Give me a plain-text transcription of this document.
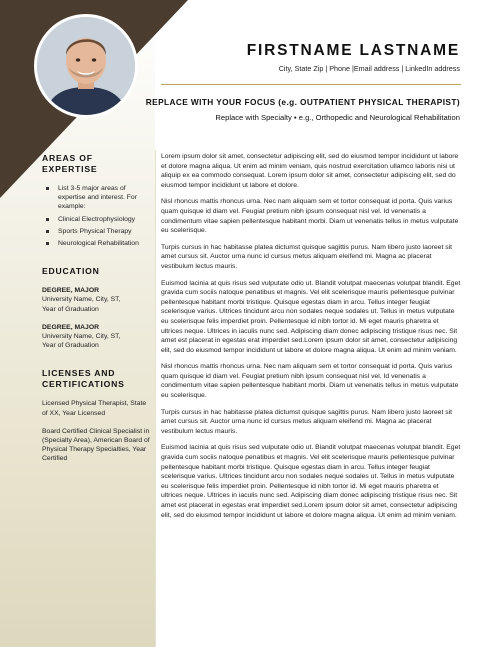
FIRSTNAME LASTNAME
City, State Zip | Phone |Email address | LinkedIn address
REPLACE WITH YOUR FOCUS (e.g. OUTPATIENT PHYSICAL THERAPIST)
Replace with Specialty ▪ e.g., Orthopedic and Neurological Rehabilitation
AREAS OF EXPERTISE
List 3-5 major areas of expertise and interest. For example:
Clinical Electrophysiology
Sports Physical Therapy
Neurological Rehabilitation
EDUCATION
DEGREE, MAJOR
University Name, City, ST,
Year of Graduation
DEGREE, MAJOR
University Name, City, ST,
Year of Graduation
LICENSES AND
CERTIFICATIONS
Licensed Physical Therapist, State of XX, Year Licensed
Board Certified Clinical Specialist in (Specialty Area), American Board of Physical Therapy Specialties, Year Certified

Lorem ipsum dolor sit amet, consectetur adipiscing elit, sed do eiusmod tempor incididunt ut labore et dolore magna aliqua. Ut enim ad minim veniam, quis nostrud exercitation ullamco laboris nisi ut aliquip ex ea commodo consequat. Lorem ipsum dolor sit amet, consectetur adipiscing elit, sed do eiusmod tempor incididunt ut labore et dolore.

Nisl rhoncus mattis rhoncus urna. Nec nam aliquam sem et tortor consequat id porta. Quis varius quam quisque id diam vel. Feugiat pretium nibh ipsum consequat nisl vel. Id venenatis a condimentum vitae sapien pellentesque habitant morbi. Diam ut venenatis tellus in metus vulputate eu scelerisque.

Turpis cursus in hac habitasse platea dictumst quisque sagittis purus. Nam libero justo laoreet sit amet cursus sit. Auctor urna nunc id cursus metus aliquam eleifend mi. Magna ac placerat vestibulum lectus mauris.

Euismod lacinia at quis risus sed vulputate odio ut. Blandit volutpat maecenas volutpat blandit. Eget gravida cum sociis natoque penatibus et magnis. Vel elit scelerisque mauris pellentesque pulvinar pellentesque habitant morbi tristique. Quisque egestas diam in arcu. Tellus integer feugiat scelerisque varius. Ultrices tincidunt arcu non sodales neque sodales ut. Tellus in metus vulputate eu scelerisque felis imperdiet proin. Pellentesque id nibh tortor id. Mi eget mauris pharetra et ultrices neque. Ultrices in iaculis nunc sed. Adipiscing diam donec adipiscing tristique risus nec. Sit amet est placerat in egestas erat imperdiet sed.Lorem ipsum dolor sit amet, consectetur adipiscing elit, sed do eiusmod tempor incididunt ut labore et dolore magna aliqua. Ut enim ad minim veniam.

Nisl rhoncus mattis rhoncus urna. Nec nam aliquam sem et tortor consequat id porta. Quis varius quam quisque id diam vel. Feugiat pretium nibh ipsum consequat nisl vel. Id venenatis a condimentum vitae sapien pellentesque habitant morbi. Diam ut venenatis tellus in metus vulputate eu scelerisque.

Turpis cursus in hac habitasse platea dictumst quisque sagittis purus. Nam libero justo laoreet sit amet cursus sit. Auctor urna nunc id cursus metus aliquam eleifend mi. Magna ac placerat vestibulum lectus mauris.

Euismod lacinia at quis risus sed vulputate odio ut. Blandit volutpat maecenas volutpat blandit. Eget gravida cum sociis natoque penatibus et magnis. Vel elit scelerisque mauris pellentesque pulvinar pellentesque habitant morbi tristique. Quisque egestas diam in arcu. Tellus integer feugiat scelerisque varius. Ultrices tincidunt arcu non sodales neque sodales ut. Tellus in metus vulputate eu scelerisque felis imperdiet proin. Pellentesque id nibh tortor id. Mi eget mauris pharetra et ultrices neque. Ultrices in iaculis nunc sed. Adipiscing diam donec adipiscing tristique risus nec. Sit amet est placerat in egestas erat imperdiet sed.Lorem ipsum dolor sit amet, consectetur adipiscing elit, sed do eiusmod tempor incididunt ut labore et dolore magna aliqua. Ut enim ad minim veniam.
